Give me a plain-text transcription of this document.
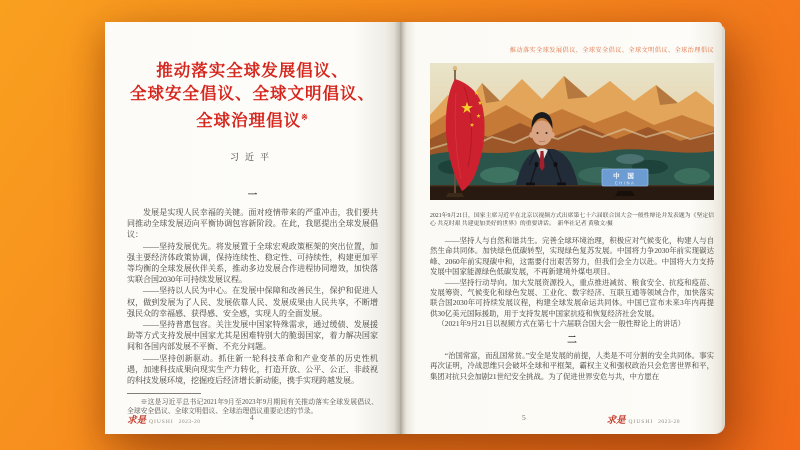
推动落实全球发展倡议、
全球安全倡议、全球文明倡议、
全球治理倡议※
习近平
一

发展是实现人民幸福的关键。面对疫情带来的严重冲击，我们要共同推动全球发展迈向平衡协调包容新阶段。在此，我愿提出全球发展倡议：

——坚持发展优先。将发展置于全球宏观政策框架的突出位置，加强主要经济体政策协调，保持连续性、稳定性、可持续性，构建更加平等均衡的全球发展伙伴关系，推动多边发展合作进程协同增效，加快落实联合国2030年可持续发展议程。

——坚持以人民为中心。在发展中保障和改善民生，保护和促进人权，做到发展为了人民、发展依靠人民、发展成果由人民共享，不断增强民众的幸福感、获得感、安全感，实现人的全面发展。

——坚持普惠包容。关注发展中国家特殊需求，通过缓债、发展援助等方式支持发展中国家尤其是困难特别大的脆弱国家，着力解决国家间和各国内部发展不平衡、不充分问题。

——坚持创新驱动。抓住新一轮科技革命和产业变革的历史性机遇，加速科技成果向现实生产力转化，打造开放、公平、公正、非歧视的科技发展环境，挖掘疫后经济增长新动能，携手实现跨越发展。

※这是习近平总书记2021年9月至2023年9月期间有关推动落实全球发展倡议、全球安全倡议、全球文明倡议、全球治理倡议重要论述的节录。

求是 QIUSHI 2023-20	4
推动落实全球发展倡议、全球安全倡议、全球文明倡议、全球治理倡议
中 国
CHINA

2021年9月21日，国家主席习近平在北京以视频方式出席第七十六届联合国大会一般性辩论并发表题为《坚定信心 共克时艰 共建更加美好的世界》的重要讲话。　新华社记者 黄敬文/摄

——坚持人与自然和谐共生。完善全球环境治理，积极应对气候变化，构建人与自然生命共同体。加快绿色低碳转型，实现绿色复苏发展。中国将力争2030年前实现碳达峰、2060年前实现碳中和，这需要付出艰苦努力，但我们会全力以赴。中国将大力支持发展中国家能源绿色低碳发展，不再新建境外煤电项目。

——坚持行动导向。加大发展资源投入，重点推进减贫、粮食安全、抗疫和疫苗、发展筹资、气候变化和绿色发展、工业化、数字经济、互联互通等领域合作，加快落实联合国2030年可持续发展议程，构建全球发展命运共同体。中国已宣布未来3年内再提供30亿美元国际援助，用于支持发展中国家抗疫和恢复经济社会发展。

（2021年9月21日以视频方式在第七十六届联合国大会一般性辩论上的讲话）

二

“治国常富，而乱国常贫。”安全是发展的前提，人类是不可分割的安全共同体。事实再次证明，冷战思维只会破坏全球和平框架，霸权主义和强权政治只会危害世界和平，集团对抗只会加剧21世纪安全挑战。为了促进世界安危与共，中方愿在

5	求是 QIUSHI 2023-20
